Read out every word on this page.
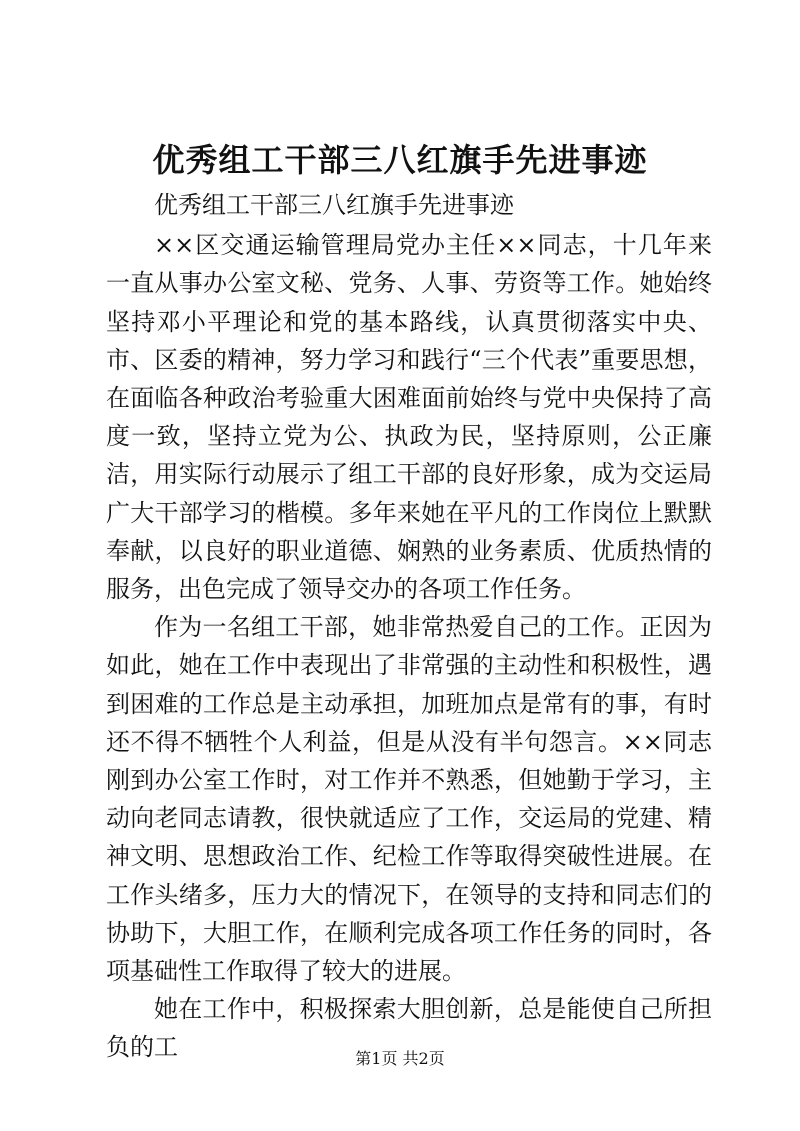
优秀组工干部三八红旗手先进事迹

优秀组工干部三八红旗手先进事迹

××区交通运输管理局党办主任××同志，十几年来一直从事办公室文秘、党务、人事、劳资等工作。她始终坚持邓小平理论和党的基本路线，认真贯彻落实中央、市、区委的精神，努力学习和践行“三个代表”重要思想，在面临各种政治考验重大困难面前始终与党中央保持了高度一致，坚持立党为公、执政为民，坚持原则，公正廉洁，用实际行动展示了组工干部的良好形象，成为交运局广大干部学习的楷模。多年来她在平凡的工作岗位上默默奉献，以良好的职业道德、娴熟的业务素质、优质热情的服务，出色完成了领导交办的各项工作任务。

作为一名组工干部，她非常热爱自己的工作。正因为如此，她在工作中表现出了非常强的主动性和积极性，遇到困难的工作总是主动承担，加班加点是常有的事，有时还不得不牺牲个人利益，但是从没有半句怨言。××同志刚到办公室工作时，对工作并不熟悉，但她勤于学习，主动向老同志请教，很快就适应了工作，交运局的党建、精神文明、思想政治工作、纪检工作等取得突破性进展。在工作头绪多，压力大的情况下，在领导的支持和同志们的协助下，大胆工作，在顺利完成各项工作任务的同时，各项基础性工作取得了较大的进展。

她在工作中，积极探索大胆创新，总是能使自己所担负的工	第1页 共2页
